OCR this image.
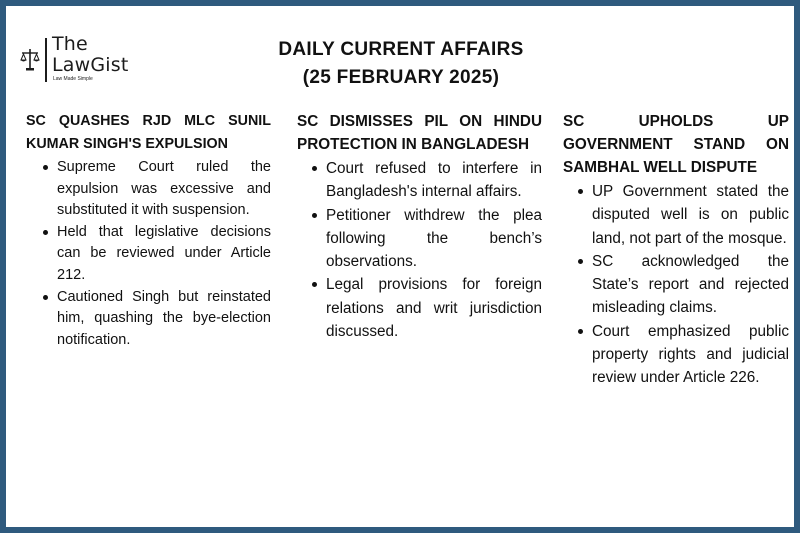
The
LawGist
Law Made Simple
DAILY CURRENT AFFAIRS
(25 FEBRUARY 2025)
SC QUASHES RJD MLC SUNIL KUMAR SINGH'S EXPULSION
Supreme Court ruled the expulsion was excessive and substituted it with suspension.
Held that legislative decisions can be reviewed under Article 212.
Cautioned Singh but reinstated him, quashing the bye-election notification.
SC DISMISSES PIL ON HINDU PROTECTION IN BANGLADESH
Court refused to interfere in Bangladesh's internal affairs.
Petitioner withdrew the plea following the bench’s observations.
Legal provisions for foreign relations and writ jurisdiction discussed.
SC UPHOLDS UP GOVERNMENT STAND ON SAMBHAL WELL DISPUTE
UP Government stated the disputed well is on public land, not part of the mosque.
SC acknowledged the State’s report and rejected misleading claims.
Court emphasized public property rights and judicial review under Article 226.
